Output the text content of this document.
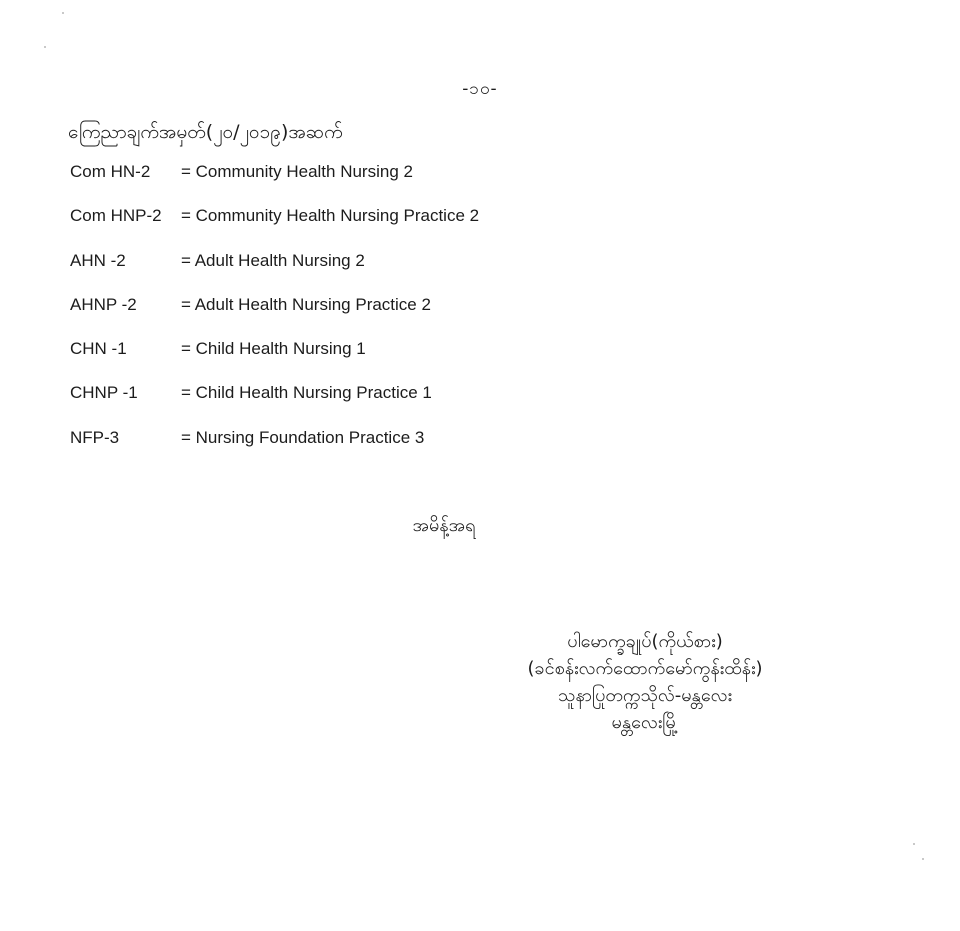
-၁၀-
ကြေညာချက်အမှတ်(၂၀/၂၀၁၉)အဆက်
Com HN-2	= Community Health Nursing 2
Com HNP-2	= Community Health Nursing Practice 2
AHN -2	= Adult Health Nursing 2
AHNP -2	= Adult Health Nursing Practice 2
CHN -1	= Child Health Nursing 1
CHNP -1	= Child Health Nursing Practice 1
NFP-3	= Nursing Foundation Practice 3
အမိန့်အရ
ပါမောက္ခချုပ်(ကိုယ်စား)
(ခင်စန်းလက်ထောက်မော်ကွန်းထိန်း)
သူနာပြုတက္ကသိုလ်-မန္တလေး
မန္တလေးမြို့
